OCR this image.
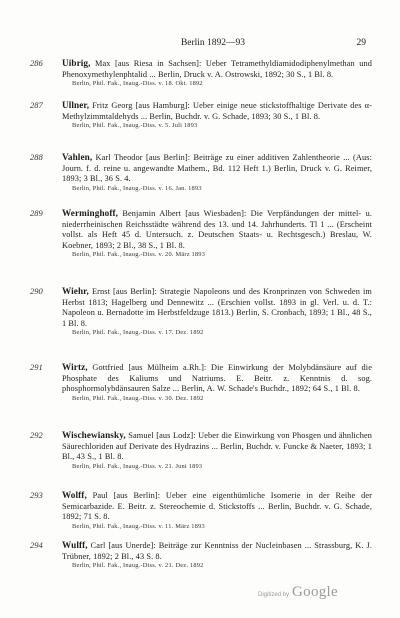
Berlin 1892—93	29
286	Uibrig, Max [aus Riesa in Sachsen]: Ueber Tetramethyldiamidodiphenylmethan und Phenoxymethylenphtalid ... Berlin, Druck v. A. Ostrowski, 1892; 30 S., 1 Bl. 8.
Berlin, Phil. Fak., Inaug.-Diss. v. 18. Okt. 1892
287	Ullner, Fritz Georg [aus Hamburg]: Ueber einige neue stickstoffhaltige Derivate des α-Methylzimmtaldehyds ... Berlin, Buchdr. v. G. Schade, 1893; 30 S., 1 Bl. 8.
Berlin, Phil. Fak., Inaug.-Diss. v. 5. Juli 1893
288	Vahlen, Karl Theodor [aus Berlin]: Beiträge zu einer additiven Zahlentheorie ... (Aus: Journ. f. d. reine u. angewandte Mathem., Bd. 112 Heft 1.) Berlin, Druck v. G. Reimer, 1893; 3 Bl., 36 S. 4.
Berlin, Phil. Fak., Inaug.-Diss. v. 16. Jan. 1893
289	Werminghoff, Benjamin Albert [aus Wiesbaden]: Die Verpfändungen der mittel- u. niederrheinischen Reichsstädte während des 13. und 14. Jahrhunderts. Tl 1 ... (Erscheint vollst. als Heft 45 d. Untersuch. z. Deutschen Staats- u. Rechtsgesch.) Breslau, W. Koebner, 1893; 2 Bl., 38 S., 1 Bl. 8.
Berlin, Phil. Fak., Inaug.-Diss. v. 20. März 1893
290	Wiehr, Ernst [aus Berlin]: Strategie Napoleons und des Kronprinzen von Schweden im Herbst 1813; Hagelberg und Dennewitz ... (Erschien vollst. 1893 in gl. Verl. u. d. T.: Napoleon u. Bernadotte im Herbstfeldzuge 1813.) Berlin, S. Cronbach, 1893; 1 Bl., 48 S., 1 Bl. 8.
Berlin, Phil. Fak., Inaug.-Diss. v. 17. Dez. 1892
291	Wirtz, Gottfried [aus Mülheim a.Rh.]: Die Einwirkung der Molybdänsäure auf die Phosphate des Kaliums und Natriums. E. Beitr. z. Kenntnis d. sog. phosphormolybdänsauren Salze ... Berlin, A. W. Schade's Buchdr., 1892; 64 S., 1 Bl. 8.
Berlin, Phil. Fak., Inaug.-Diss. v. 30. Dez. 1892
292	Wischewiansky, Samuel [aus Lodz]: Ueber die Einwirkung von Phosgen und ähnlichen Säurechloriden auf Derivate des Hydrazins ... Berlin, Buchdr. v. Funcke & Naeter, 1893; 1 Bl., 43 S., 1 Bl. 8.
Berlin, Phil. Fak., Inaug.-Diss. v. 21. Juni 1893
293	Wolff, Paul [aus Berlin]: Ueber eine eigenthümliche Isomerie in der Reihe der Semicarbazide. E. Beitr. z. Stereochemie d. Stickstoffs ... Berlin, Buchdr. v. G. Schade, 1892; 71 S. 8.
Berlin, Phil. Fak., Inaug.-Diss. v. 11. März 1893
294	Wulff, Carl [aus Unerde]: Beiträge zur Kenntniss der Nucleinbasen ... Strassburg, K. J. Trübner, 1892; 2 Bl., 43 S. 8.
Berlin, Phil. Fak., Inaug.-Diss. v. 21. Dez. 1892
Digitized by Google
